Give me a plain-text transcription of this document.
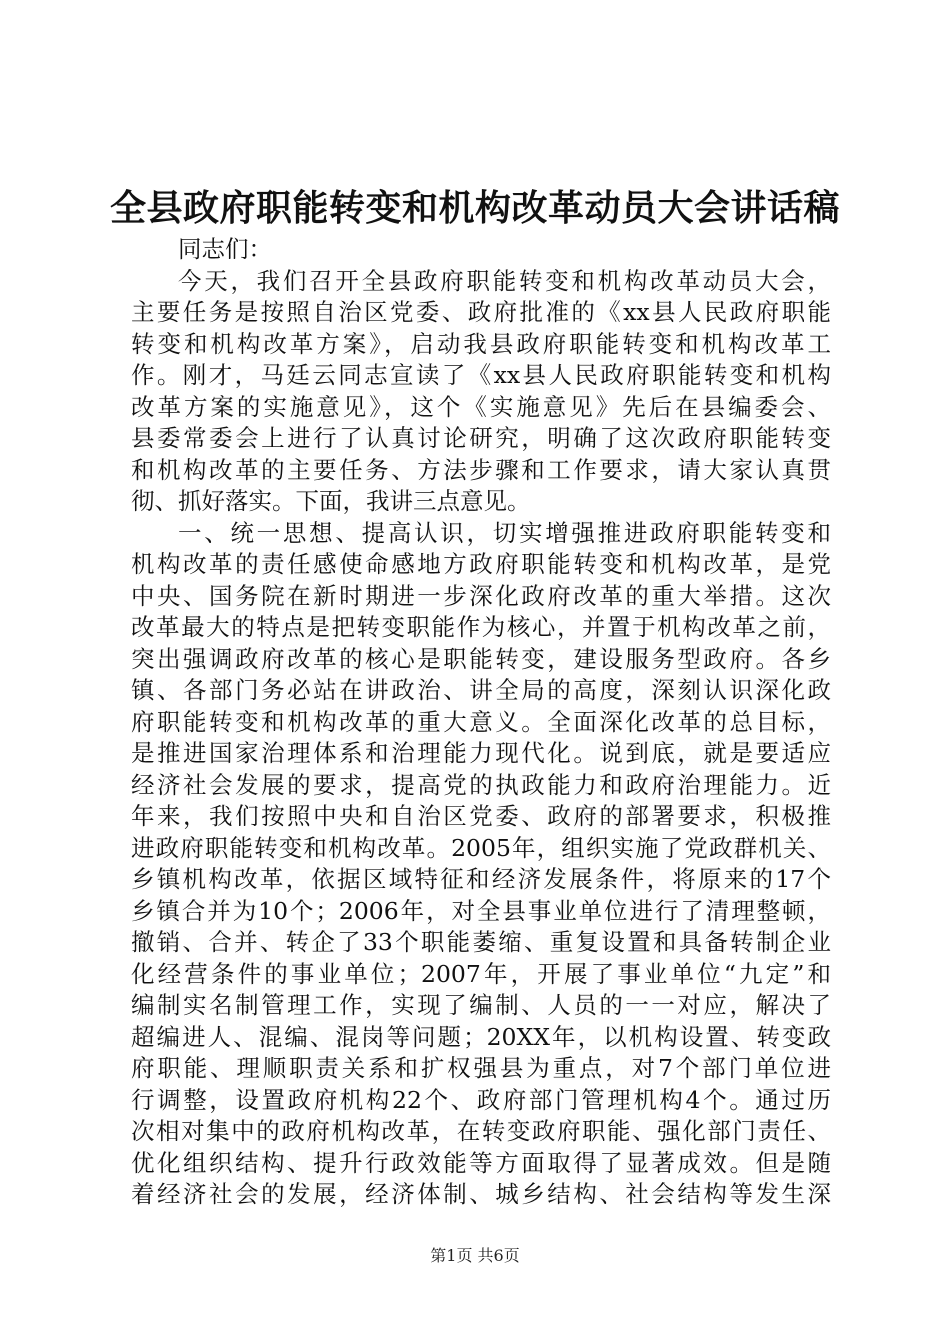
全县政府职能转变和机构改革动员大会讲话稿
同志们：
今天，我们召开全县政府职能转变和机构改革动员大会，
主要任务是按照自治区党委、政府批准的《xx县人民政府职能
转变和机构改革方案》，启动我县政府职能转变和机构改革工
作。刚才，马廷云同志宣读了《xx县人民政府职能转变和机构
改革方案的实施意见》，这个《实施意见》先后在县编委会、
县委常委会上进行了认真讨论研究，明确了这次政府职能转变
和机构改革的主要任务、方法步骤和工作要求，请大家认真贯
彻、抓好落实。下面，我讲三点意见。
一、统一思想、提高认识，切实增强推进政府职能转变和
机构改革的责任感使命感地方政府职能转变和机构改革，是党
中央、国务院在新时期进一步深化政府改革的重大举措。这次
改革最大的特点是把转变职能作为核心，并置于机构改革之前，
突出强调政府改革的核心是职能转变，建设服务型政府。各乡
镇、各部门务必站在讲政治、讲全局的高度，深刻认识深化政
府职能转变和机构改革的重大意义。全面深化改革的总目标，
是推进国家治理体系和治理能力现代化。说到底，就是要适应
经济社会发展的要求，提高党的执政能力和政府治理能力。近
年来，我们按照中央和自治区党委、政府的部署要求，积极推
进政府职能转变和机构改革。2005年，组织实施了党政群机关、
乡镇机构改革，依据区域特征和经济发展条件，将原来的17个
乡镇合并为10个；2006年，对全县事业单位进行了清理整顿，
撤销、合并、转企了33个职能萎缩、重复设置和具备转制企业
化经营条件的事业单位；2007年，开展了事业单位“九定”和
编制实名制管理工作，实现了编制、人员的一一对应，解决了
超编进人、混编、混岗等问题；20XX年，以机构设置、转变政
府职能、理顺职责关系和扩权强县为重点，对7个部门单位进
行调整，设置政府机构22个、政府部门管理机构4个。通过历
次相对集中的政府机构改革，在转变政府职能、强化部门责任、
优化组织结构、提升行政效能等方面取得了显著成效。但是随
着经济社会的发展，经济体制、城乡结构、社会结构等发生深
第1页 共6页
